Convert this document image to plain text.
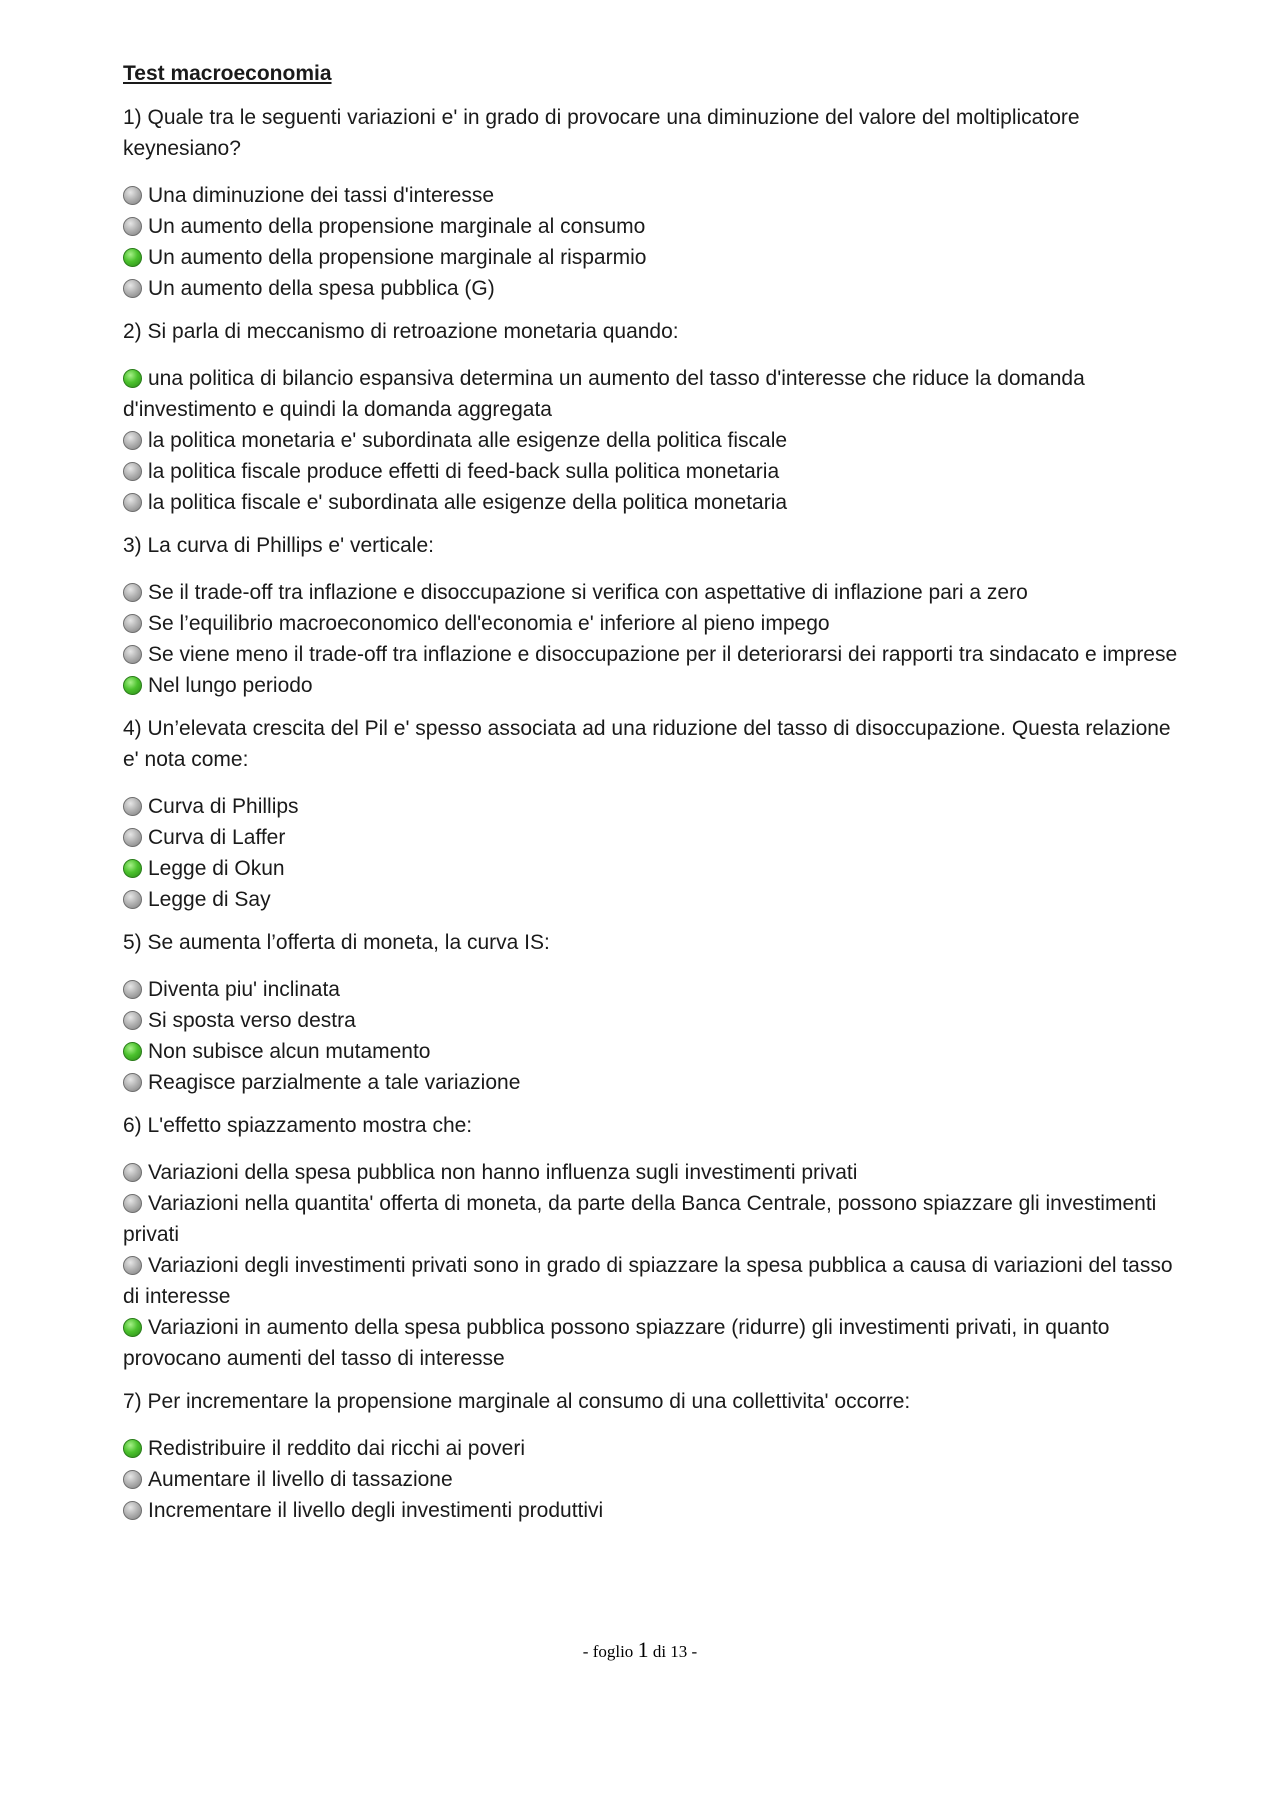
Test macroeconomia
1) Quale tra le seguenti variazioni e' in grado di provocare una diminuzione del valore del moltiplicatore keynesiano?
Una diminuzione dei tassi d'interesse
Un aumento della propensione marginale al consumo
Un aumento della propensione marginale al risparmio
Un aumento della spesa pubblica (G)
2) Si parla di meccanismo di retroazione monetaria quando:
una politica di bilancio espansiva determina un aumento del tasso d'interesse che riduce la domanda d'investimento e quindi la domanda aggregata
la politica monetaria e' subordinata alle esigenze della politica fiscale
la politica fiscale produce effetti di feed-back sulla politica monetaria
la politica fiscale e' subordinata alle esigenze della politica monetaria
3) La curva di Phillips e' verticale:
Se il trade-off tra inflazione e disoccupazione si verifica con aspettative di inflazione pari a zero
Se l’equilibrio macroeconomico dell'economia e' inferiore al pieno impego
Se viene meno il trade-off tra inflazione e disoccupazione per il deteriorarsi dei rapporti tra sindacato e imprese
Nel lungo periodo
4) Un’elevata crescita del Pil e' spesso associata ad una riduzione del tasso di disoccupazione. Questa relazione e' nota come:
Curva di Phillips
Curva di Laffer
Legge di Okun
Legge di Say
5) Se aumenta l’offerta di moneta, la curva IS:
Diventa piu' inclinata
Si sposta verso destra
Non subisce alcun mutamento
Reagisce parzialmente a tale variazione
6) L'effetto spiazzamento mostra che:
Variazioni della spesa pubblica non hanno influenza sugli investimenti privati
Variazioni nella quantita' offerta di moneta, da parte della Banca Centrale, possono spiazzare gli investimenti privati
Variazioni degli investimenti privati sono in grado di spiazzare la spesa pubblica a causa di variazioni del tasso di interesse
Variazioni in aumento della spesa pubblica possono spiazzare (ridurre) gli investimenti privati, in quanto provocano aumenti del tasso di interesse
7) Per incrementare la propensione marginale al consumo di una collettivita' occorre:
Redistribuire il reddito dai ricchi ai poveri
Aumentare il livello di tassazione
Incrementare il livello degli investimenti produttivi
- foglio 1 di 13 -
